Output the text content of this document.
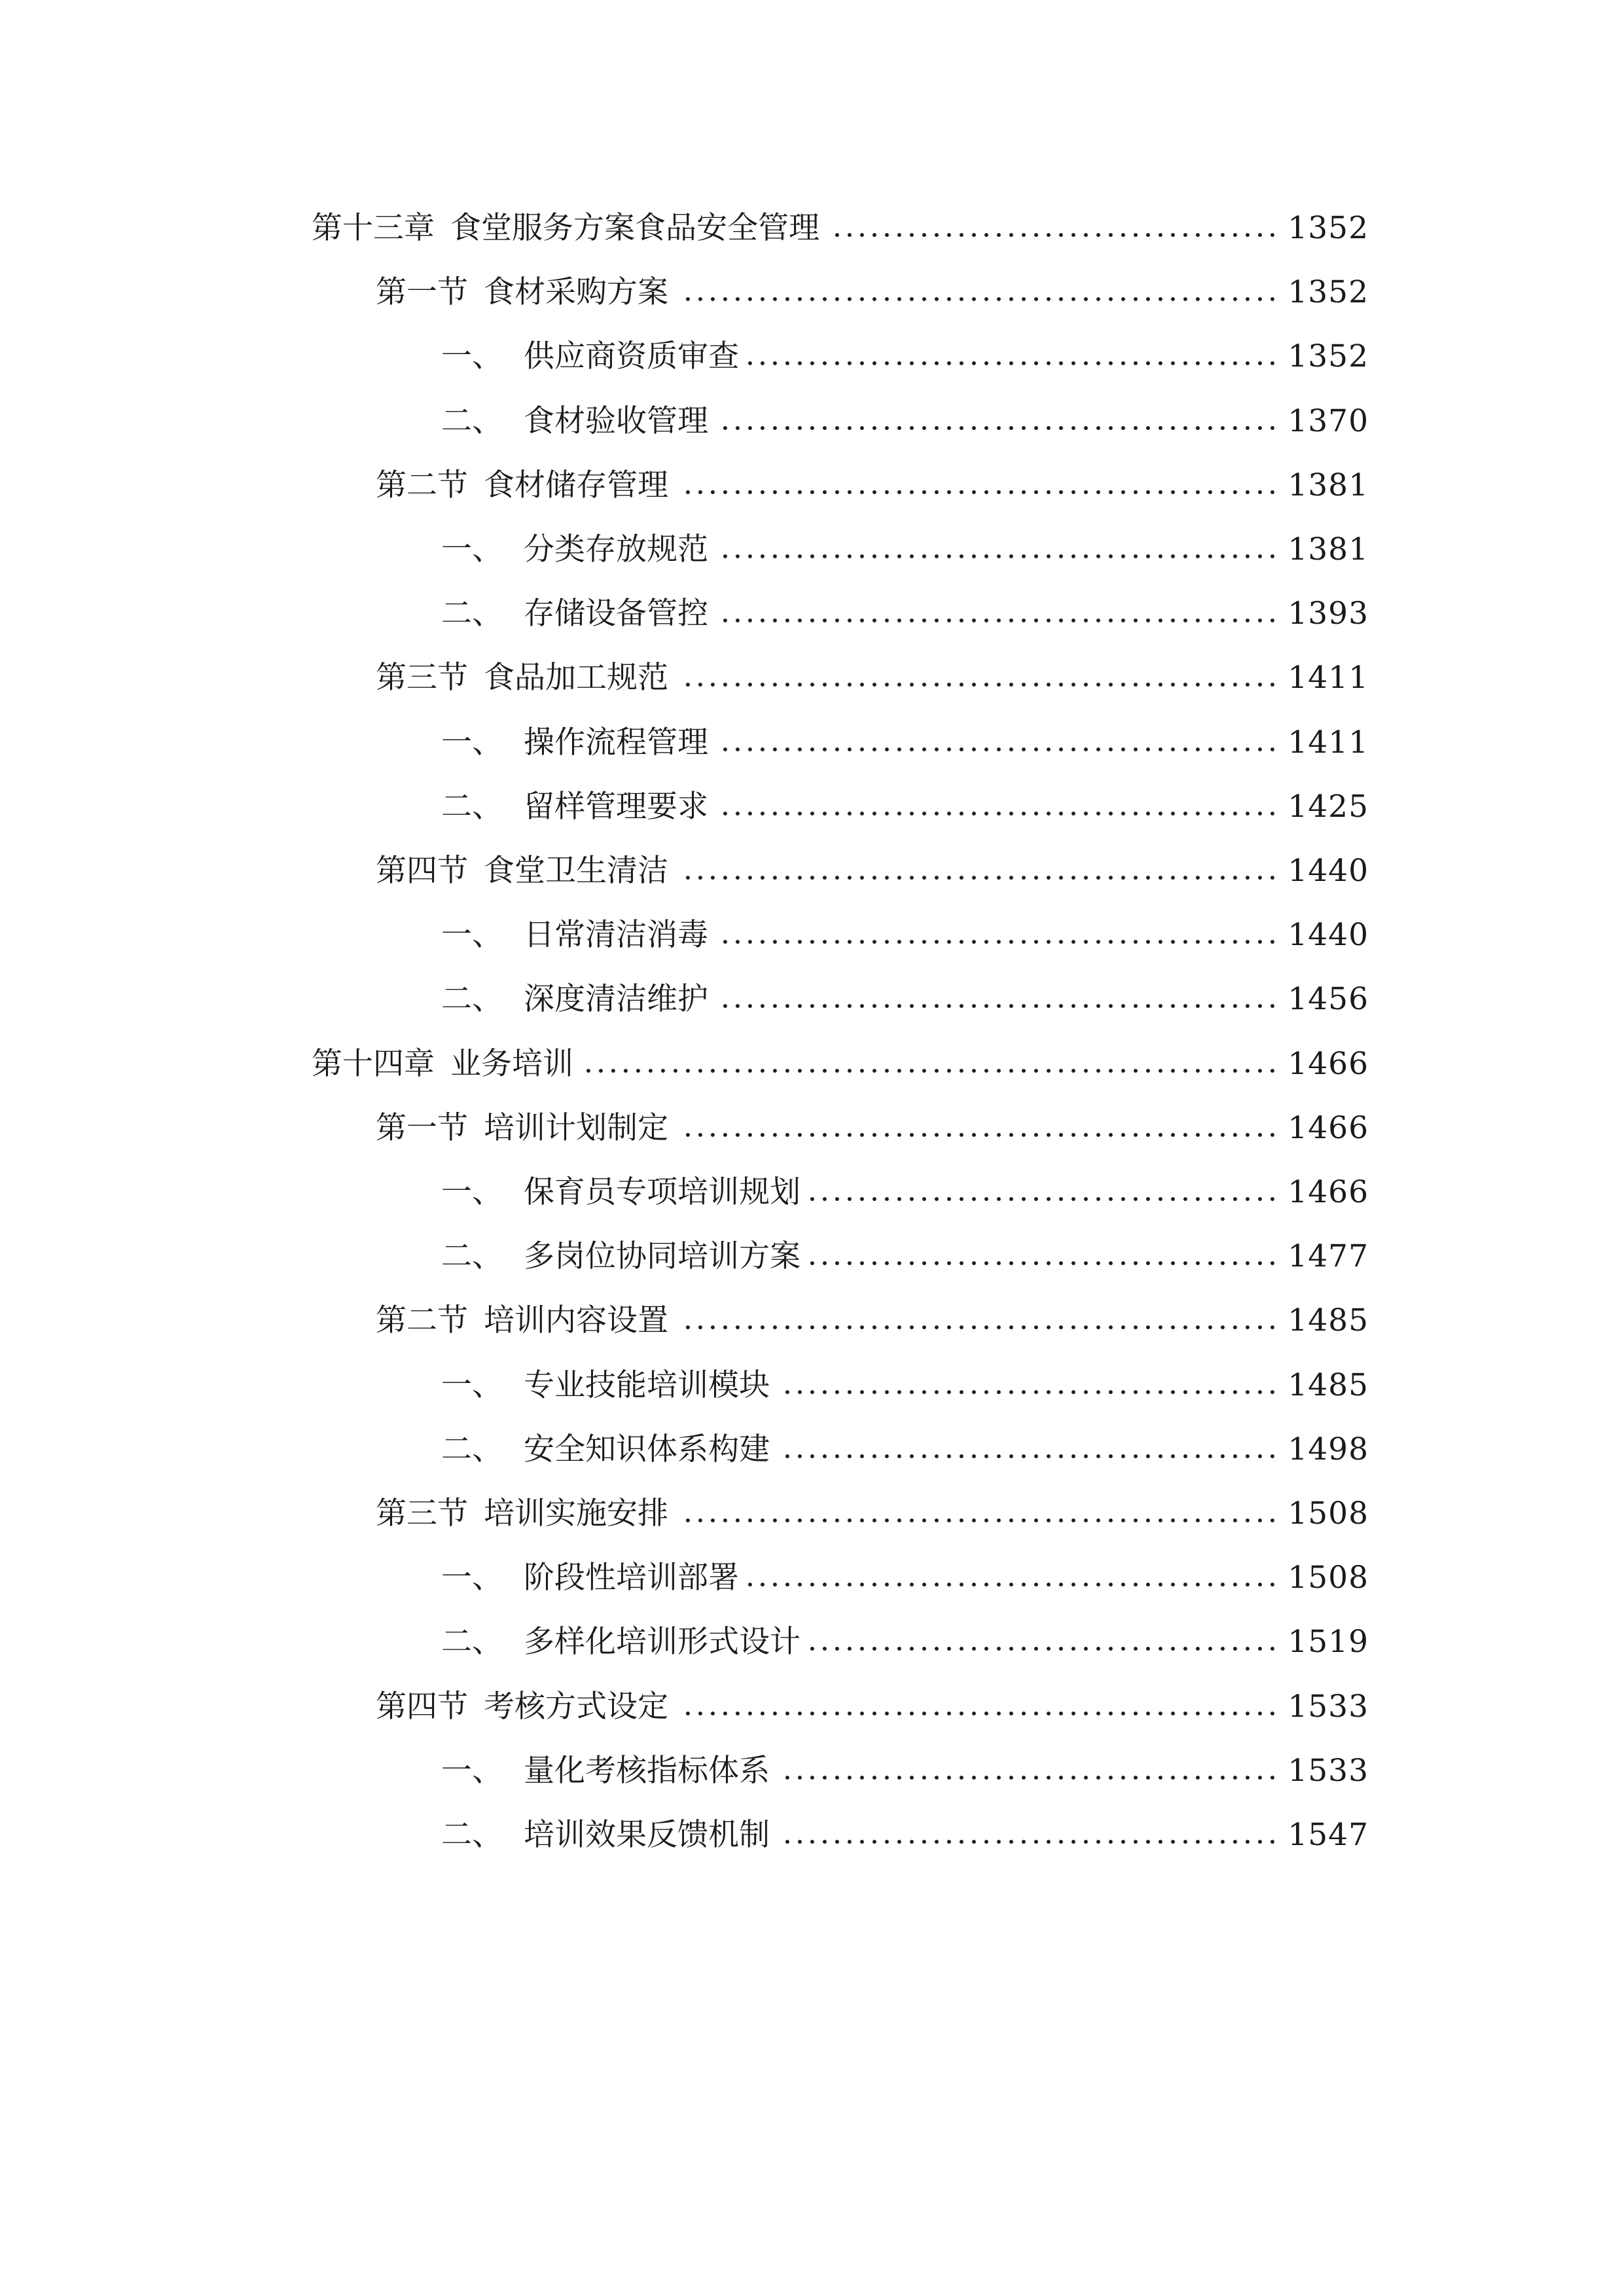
第十三章 食堂服务方案食品安全管理	1352
第一节 食材采购方案	1352
一、 供应商资质审查	1352
二、 食材验收管理	1370
第二节 食材储存管理	1381
一、 分类存放规范	1381
二、 存储设备管控	1393
第三节 食品加工规范	1411
一、 操作流程管理	1411
二、 留样管理要求	1425
第四节 食堂卫生清洁	1440
一、 日常清洁消毒	1440
二、 深度清洁维护	1456
第十四章 业务培训	1466
第一节 培训计划制定	1466
一、 保育员专项培训规划	1466
二、 多岗位协同培训方案	1477
第二节 培训内容设置	1485
一、 专业技能培训模块	1485
二、 安全知识体系构建	1498
第三节 培训实施安排	1508
一、 阶段性培训部署	1508
二、 多样化培训形式设计	1519
第四节 考核方式设定	1533
一、 量化考核指标体系	1533
二、 培训效果反馈机制	1547
